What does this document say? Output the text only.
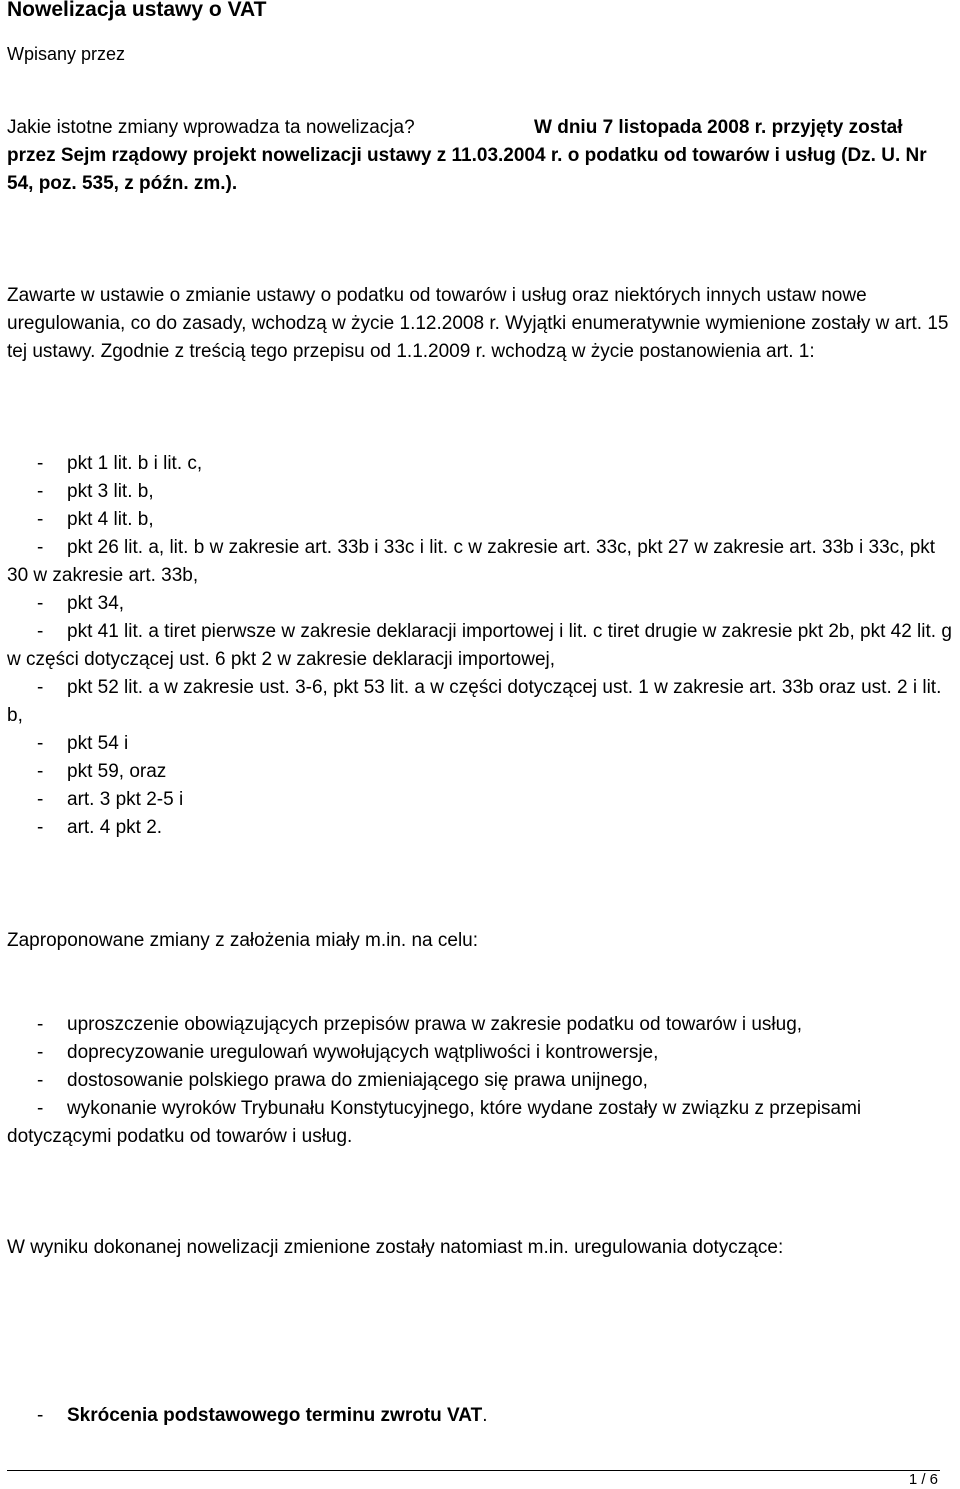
Nowelizacja ustawy o VAT
Wpisany przez

Jakie istotne zmiany wprowadza ta nowelizacja?	W dniu 7 listopada 2008 r. przyjęty został przez Sejm rządowy projekt nowelizacji ustawy z 11.03.2004 r. o podatku od towarów i usług (Dz. U. Nr 54, poz. 535, z późn. zm.).

Zawarte w ustawie o zmianie ustawy o podatku od towarów i usług oraz niektórych innych ustaw nowe uregulowania, co do zasady, wchodzą w życie 1.12.2008 r. Wyjątki enumeratywnie wymienione zostały w art. 15 tej ustawy. Zgodnie z treścią tego przepisu od 1.1.2009 r. wchodzą w życie postanowienia art. 1:

- pkt 1 lit. b i lit. c,
- pkt 3 lit. b,
- pkt 4 lit. b,
- pkt 26 lit. a, lit. b w zakresie art. 33b i 33c i lit. c w zakresie art. 33c, pkt 27 w zakresie art. 33b i 33c, pkt 30 w zakresie art. 33b,
- pkt 34,
- pkt 41 lit. a tiret pierwsze w zakresie deklaracji importowej i lit. c tiret drugie w zakresie pkt 2b, pkt 42 lit. g w części dotyczącej ust. 6 pkt 2 w zakresie deklaracji importowej,
- pkt 52 lit. a w zakresie ust. 3-6, pkt 53 lit. a w części dotyczącej ust. 1 w zakresie art. 33b oraz ust. 2 i lit. b,
- pkt 54 i
- pkt 59, oraz
- art. 3 pkt 2-5 i
- art. 4 pkt 2.

Zaproponowane zmiany z założenia miały m.in. na celu:

- uproszczenie obowiązujących przepisów prawa w zakresie podatku od towarów i usług,
- doprecyzowanie uregulowań wywołujących wątpliwości i kontrowersje,
- dostosowanie polskiego prawa do zmieniającego się prawa unijnego,
- wykonanie wyroków Trybunału Konstytucyjnego, które wydane zostały w związku z przepisami dotyczącymi podatku od towarów i usług.

W wyniku dokonanej nowelizacji zmienione zostały natomiast m.in. uregulowania dotyczące:

- Skrócenia podstawowego terminu zwrotu VAT.
1 / 6
